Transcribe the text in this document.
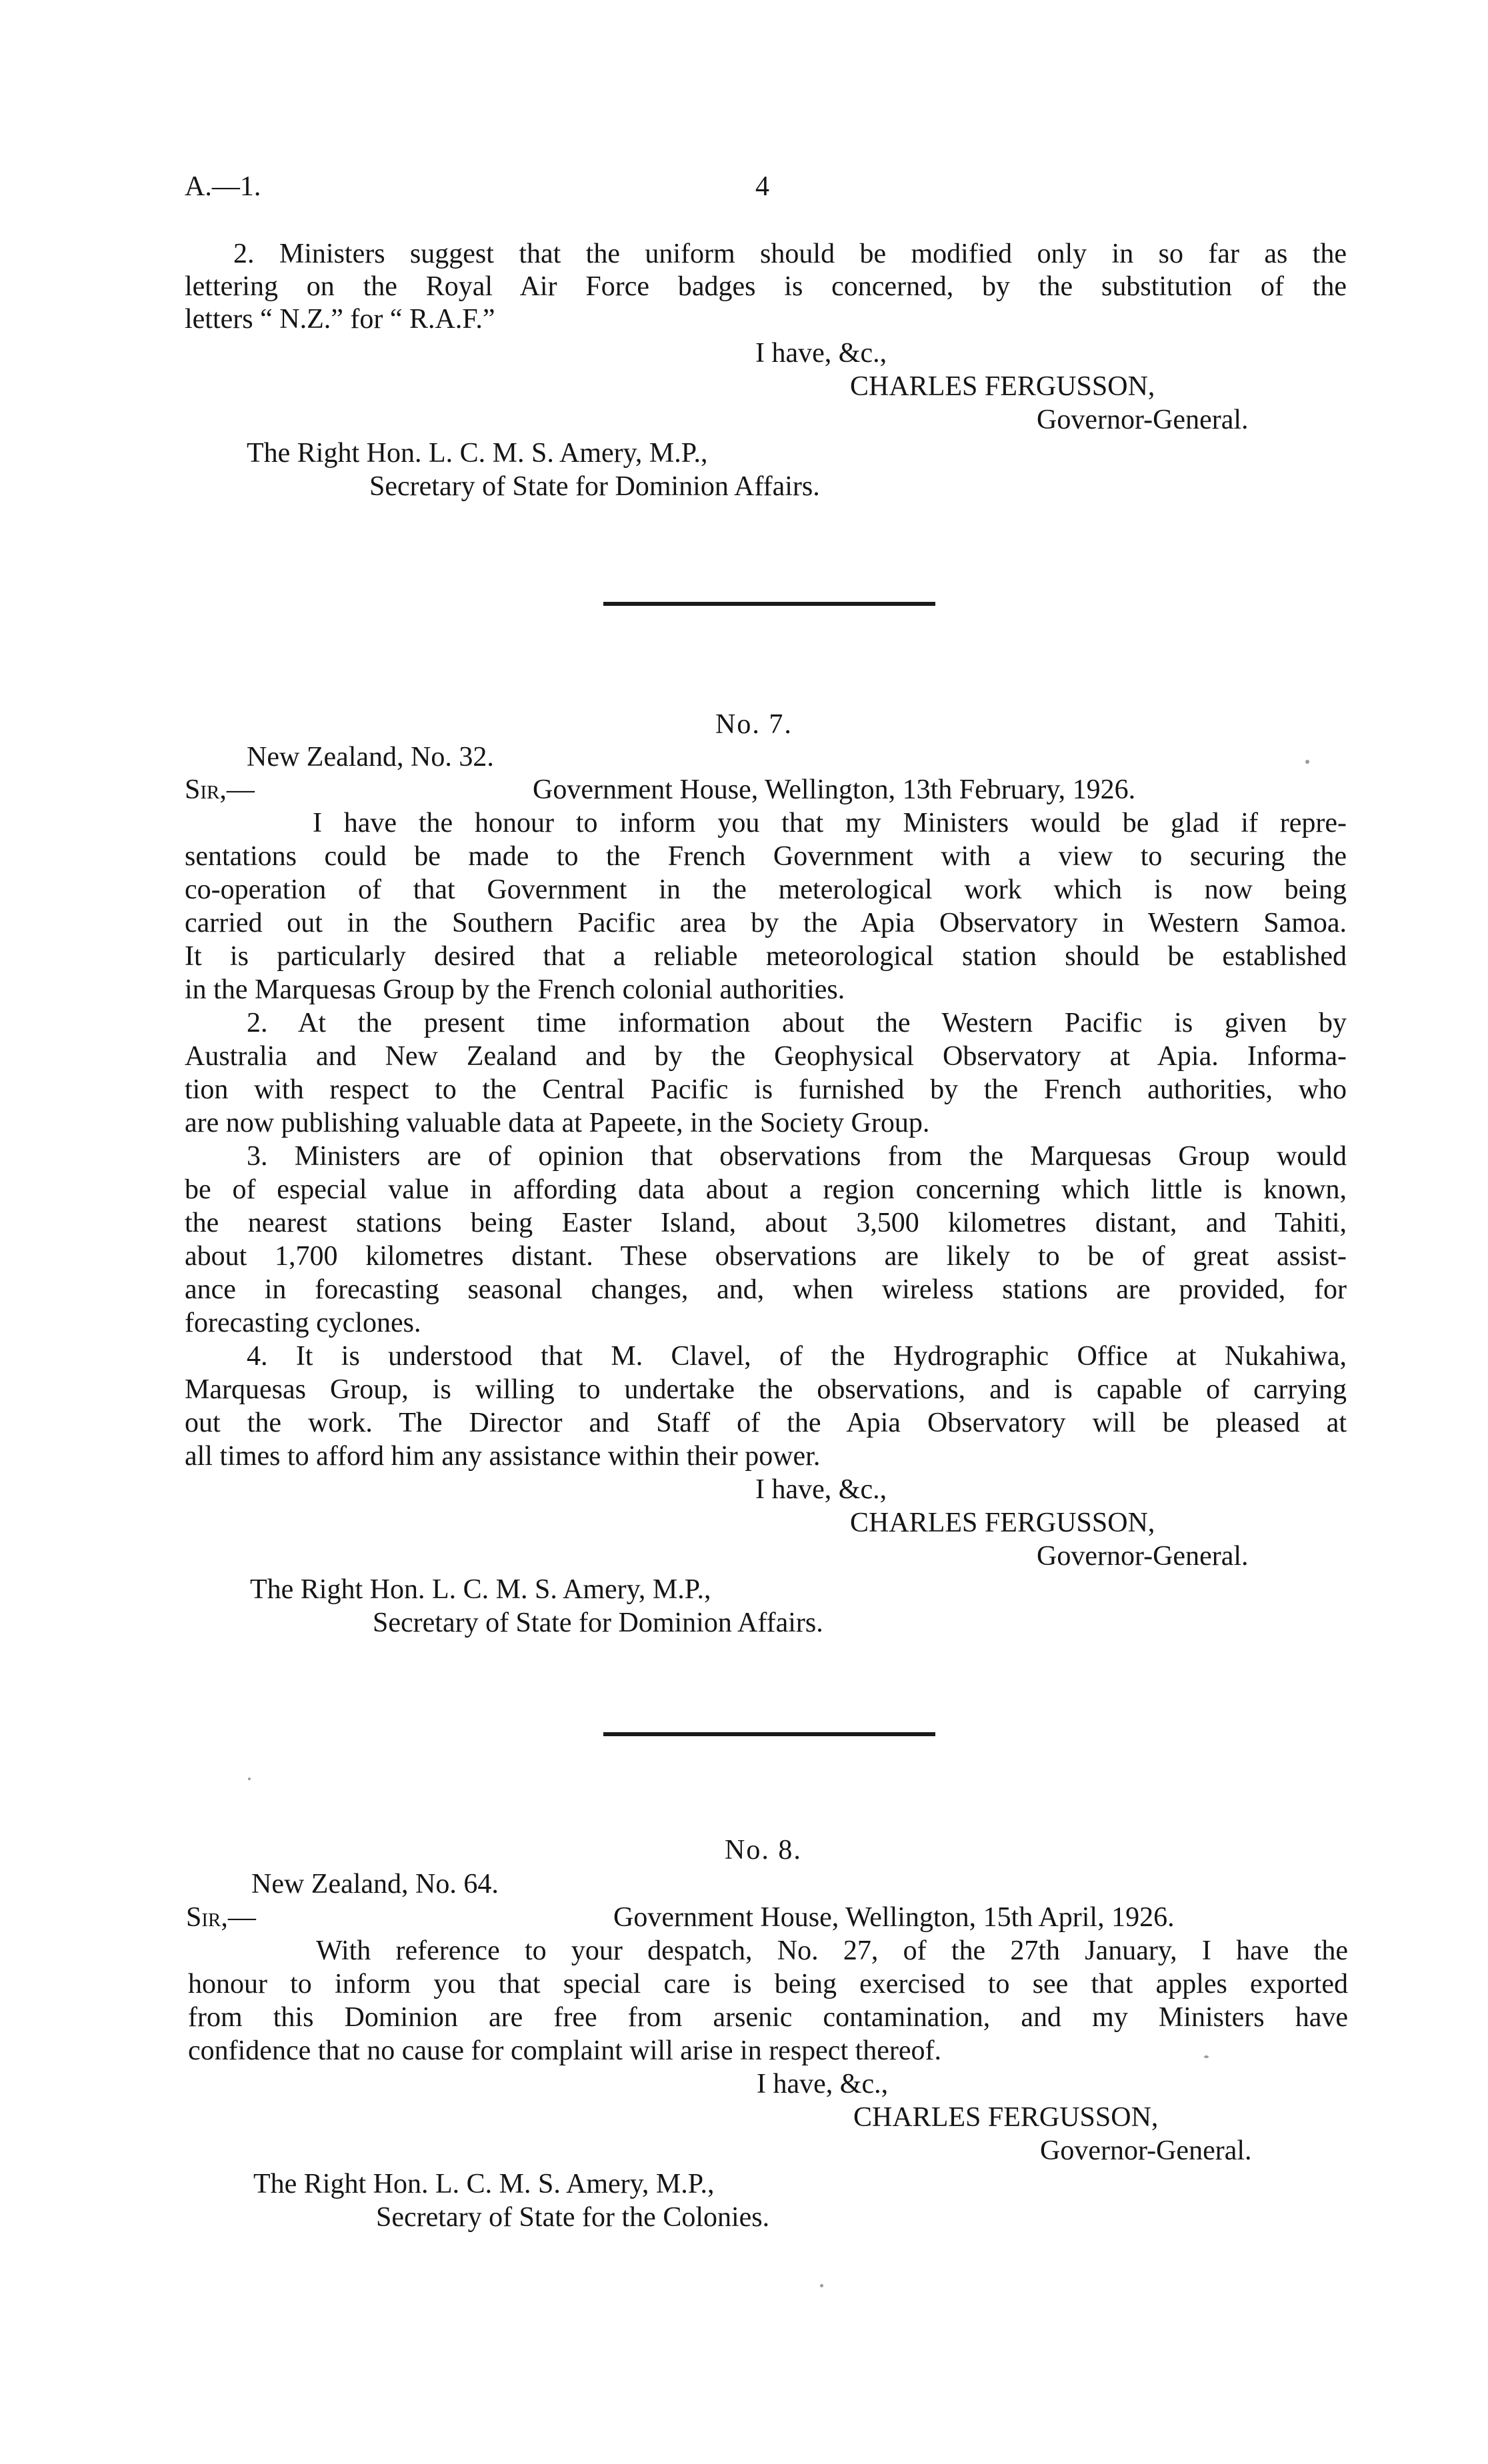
A.—1.	4

2. Ministers suggest that the uniform should be modified only in so far as the

lettering on the Royal Air Force badges is concerned, by the substitution of the

letters “ N.Z.” for “ R.A.F.”

I have, &c.,

CHARLES FERGUSSON,

Governor-General.

The Right Hon. L. C. M. S. Amery, M.P.,

Secretary of State for Dominion Affairs.

No. 7.

New Zealand, No. 32.

Sir,—	Government House, Wellington, 13th February, 1926.

I have the honour to inform you that my Ministers would be glad if repre-

sentations could be made to the French Government with a view to securing the

co-operation of that Government in the meterological work which is now being

carried out in the Southern Pacific area by the Apia Observatory in Western Samoa.

It is particularly desired that a reliable meteorological station should be established

in the Marquesas Group by the French colonial authorities.

2. At the present time information about the Western Pacific is given by

Australia and New Zealand and by the Geophysical Observatory at Apia. Informa-

tion with respect to the Central Pacific is furnished by the French authorities, who

are now publishing valuable data at Papeete, in the Society Group.

3. Ministers are of opinion that observations from the Marquesas Group would

be of especial value in affording data about a region concerning which little is known,

the nearest stations being Easter Island, about 3,500 kilometres distant, and Tahiti,

about 1,700 kilometres distant. These observations are likely to be of great assist-

ance in forecasting seasonal changes, and, when wireless stations are provided, for

forecasting cyclones.

4. It is understood that M. Clavel, of the Hydrographic Office at Nukahiwa,

Marquesas Group, is willing to undertake the observations, and is capable of carrying

out the work. The Director and Staff of the Apia Observatory will be pleased at

all times to afford him any assistance within their power.

I have, &c.,

CHARLES FERGUSSON,

Governor-General.

The Right Hon. L. C. M. S. Amery, M.P.,

Secretary of State for Dominion Affairs.

No. 8.

New Zealand, No. 64.

Sir,—	Government House, Wellington, 15th April, 1926.

With reference to your despatch, No. 27, of the 27th January, I have the

honour to inform you that special care is being exercised to see that apples exported

from this Dominion are free from arsenic contamination, and my Ministers have

confidence that no cause for complaint will arise in respect thereof.

I have, &c.,

CHARLES FERGUSSON,

Governor-General.

The Right Hon. L. C. M. S. Amery, M.P.,

Secretary of State for the Colonies.
